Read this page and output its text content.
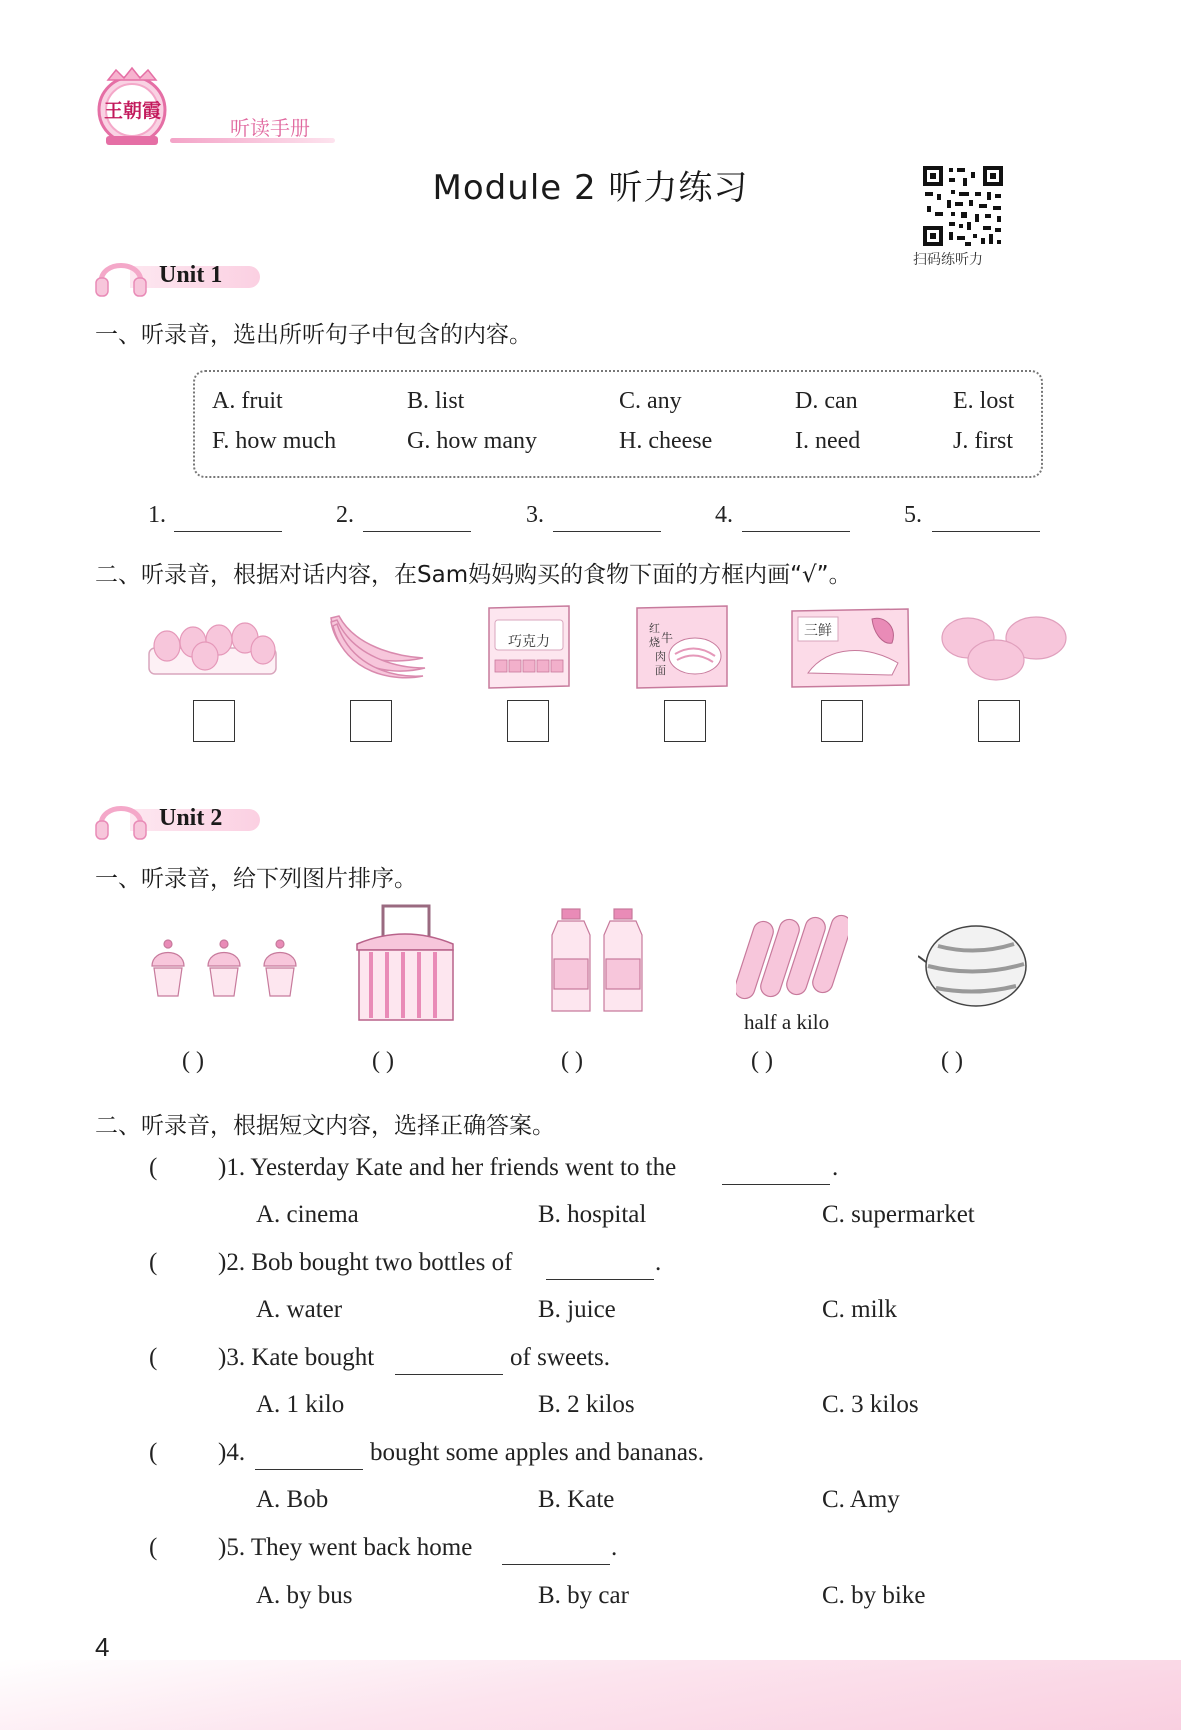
王朝霞
听读手册
Module 2 听力练习
扫码练听力
Unit 1
一、听录音，选出所听句子中包含的内容。
A. fruit	B. list	C. any	D. can	E. lost
F. how much	G. how many	H. cheese	I. need	J. first
1.	2.	3.	4.	5.
二、听录音，根据对话内容，在Sam妈妈购买的食物下面的方框内画“√”。
巧克力
红
烧 牛
肉
面
三鲜
Unit 2
一、听录音，给下列图片排序。
half a kilo
( )	( )	( )	( )	( )
二、听录音，根据短文内容，选择正确答案。
( )1. Yesterday Kate and her friends went to the	.
A. cinema	B. hospital	C. supermarket
( )2. Bob bought two bottles of	.
A. water	B. juice	C. milk
( )3. Kate bought	of sweets.
A. 1 kilo	B. 2 kilos	C. 3 kilos
( )4.	bought some apples and bananas.
A. Bob	B. Kate	C. Amy
( )5. They went back home	.
A. by bus	B. by car	C. by bike
4
